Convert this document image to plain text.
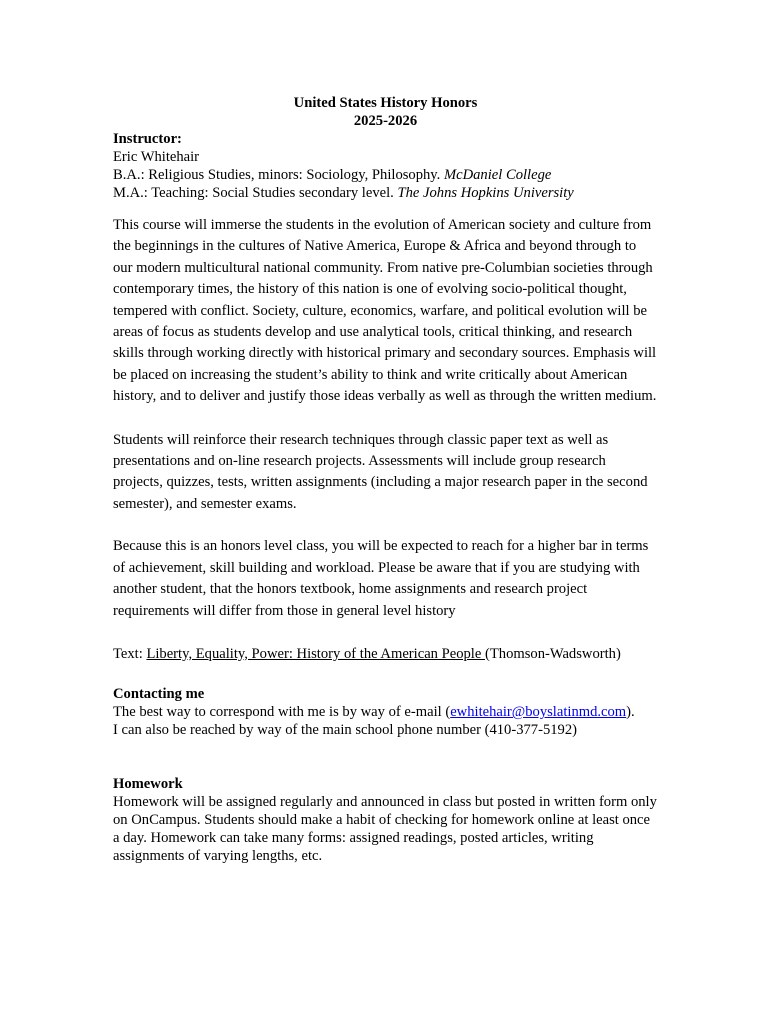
United States History Honors
2025-2026
Instructor:
Eric Whitehair
B.A.: Religious Studies, minors: Sociology, Philosophy. McDaniel College
M.A.: Teaching: Social Studies secondary level. The Johns Hopkins University

This course will immerse the students in the evolution of American society and culture from the beginnings in the cultures of Native America, Europe & Africa and beyond through to our modern multicultural national community. From native pre-Columbian societies through contemporary times, the history of this nation is one of evolving socio-political thought, tempered with conflict. Society, culture, economics, warfare, and political evolution will be areas of focus as students develop and use analytical tools, critical thinking, and research skills through working directly with historical primary and secondary sources. Emphasis will be placed on increasing the student’s ability to think and write critically about American history, and to deliver and justify those ideas verbally as well as through the written medium.

Students will reinforce their research techniques through classic paper text as well as presentations and on-line research projects. Assessments will include group research projects, quizzes, tests, written assignments (including a major research paper in the second semester), and semester exams.

Because this is an honors level class, you will be expected to reach for a higher bar in terms of achievement, skill building and workload. Please be aware that if you are studying with another student, that the honors textbook, home assignments and research project requirements will differ from those in general level history

Text: Liberty, Equality, Power: History of the American People (Thomson-Wadsworth)

Contacting me
The best way to correspond with me is by way of e-mail (ewhitehair@boyslatinmd.com).
I can also be reached by way of the main school phone number (410-377-5192)
Homework

Homework will be assigned regularly and announced in class but posted in written form only on OnCampus. Students should make a habit of checking for homework online at least once a day. Homework can take many forms: assigned readings, posted articles, writing assignments of varying lengths, etc.
